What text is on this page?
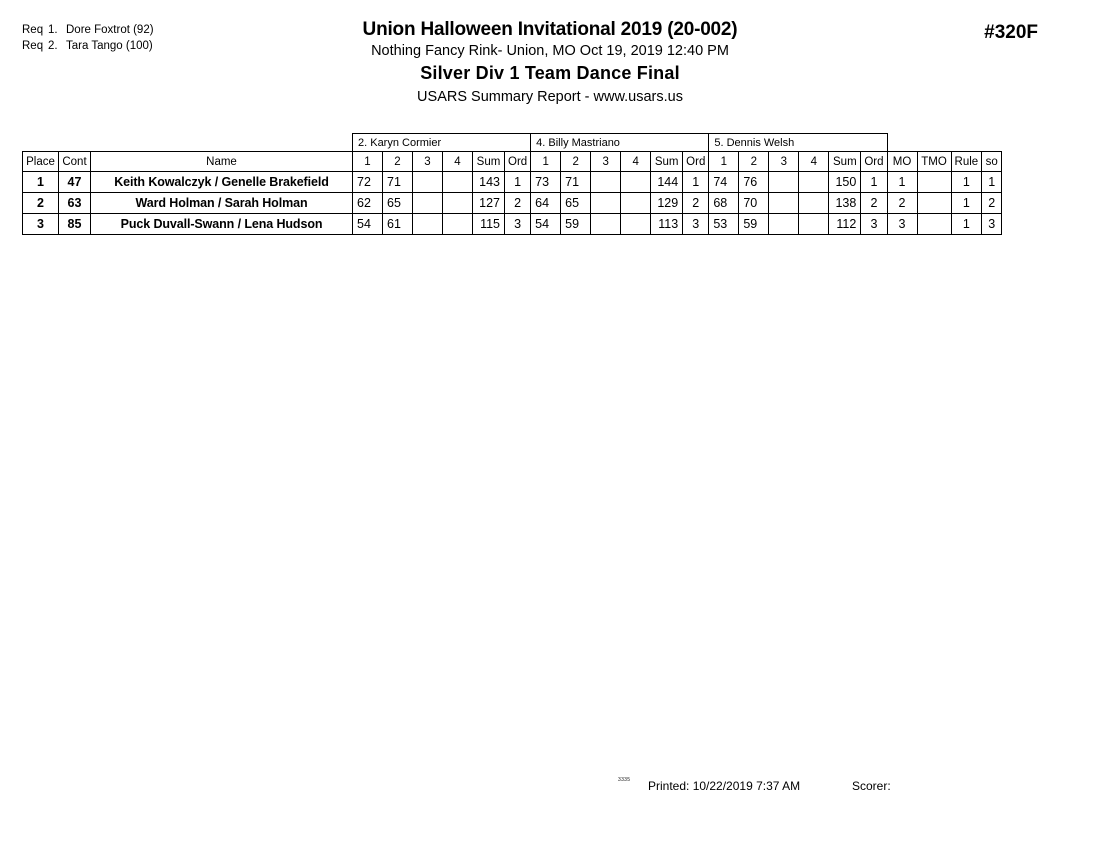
Req 1. Dore Foxtrot (92)
Req 2. Tara Tango (100)
Union Halloween Invitational 2019 (20-002)
Nothing Fancy Rink- Union, MO Oct 19, 2019 12:40 PM
Silver Div 1 Team Dance Final
USARS Summary Report - www.usars.us
#320F
			2. Karyn Cormier						4. Billy Mastriano						5. Dennis Welsh									
Place	Cont	Name	1	2	3	4	Sum	Ord	1	2	3	4	Sum	Ord	1	2	3	4	Sum	Ord	MO	TMO	Rule	so
1	47	Keith Kowalczyk / Genelle Brakefield	72	71			143	1	73	71			144	1	74	76			150	1	1		1	1
2	63	Ward Holman / Sarah Holman	62	65			127	2	64	65			129	2	68	70			138	2	2		1	2
3	85	Puck Duvall-Swann / Lena Hudson	54	61			115	3	54	59			113	3	53	59			112	3	3		1	3
3335 Printed: 10/22/2019 7:37 AM	Scorer:
